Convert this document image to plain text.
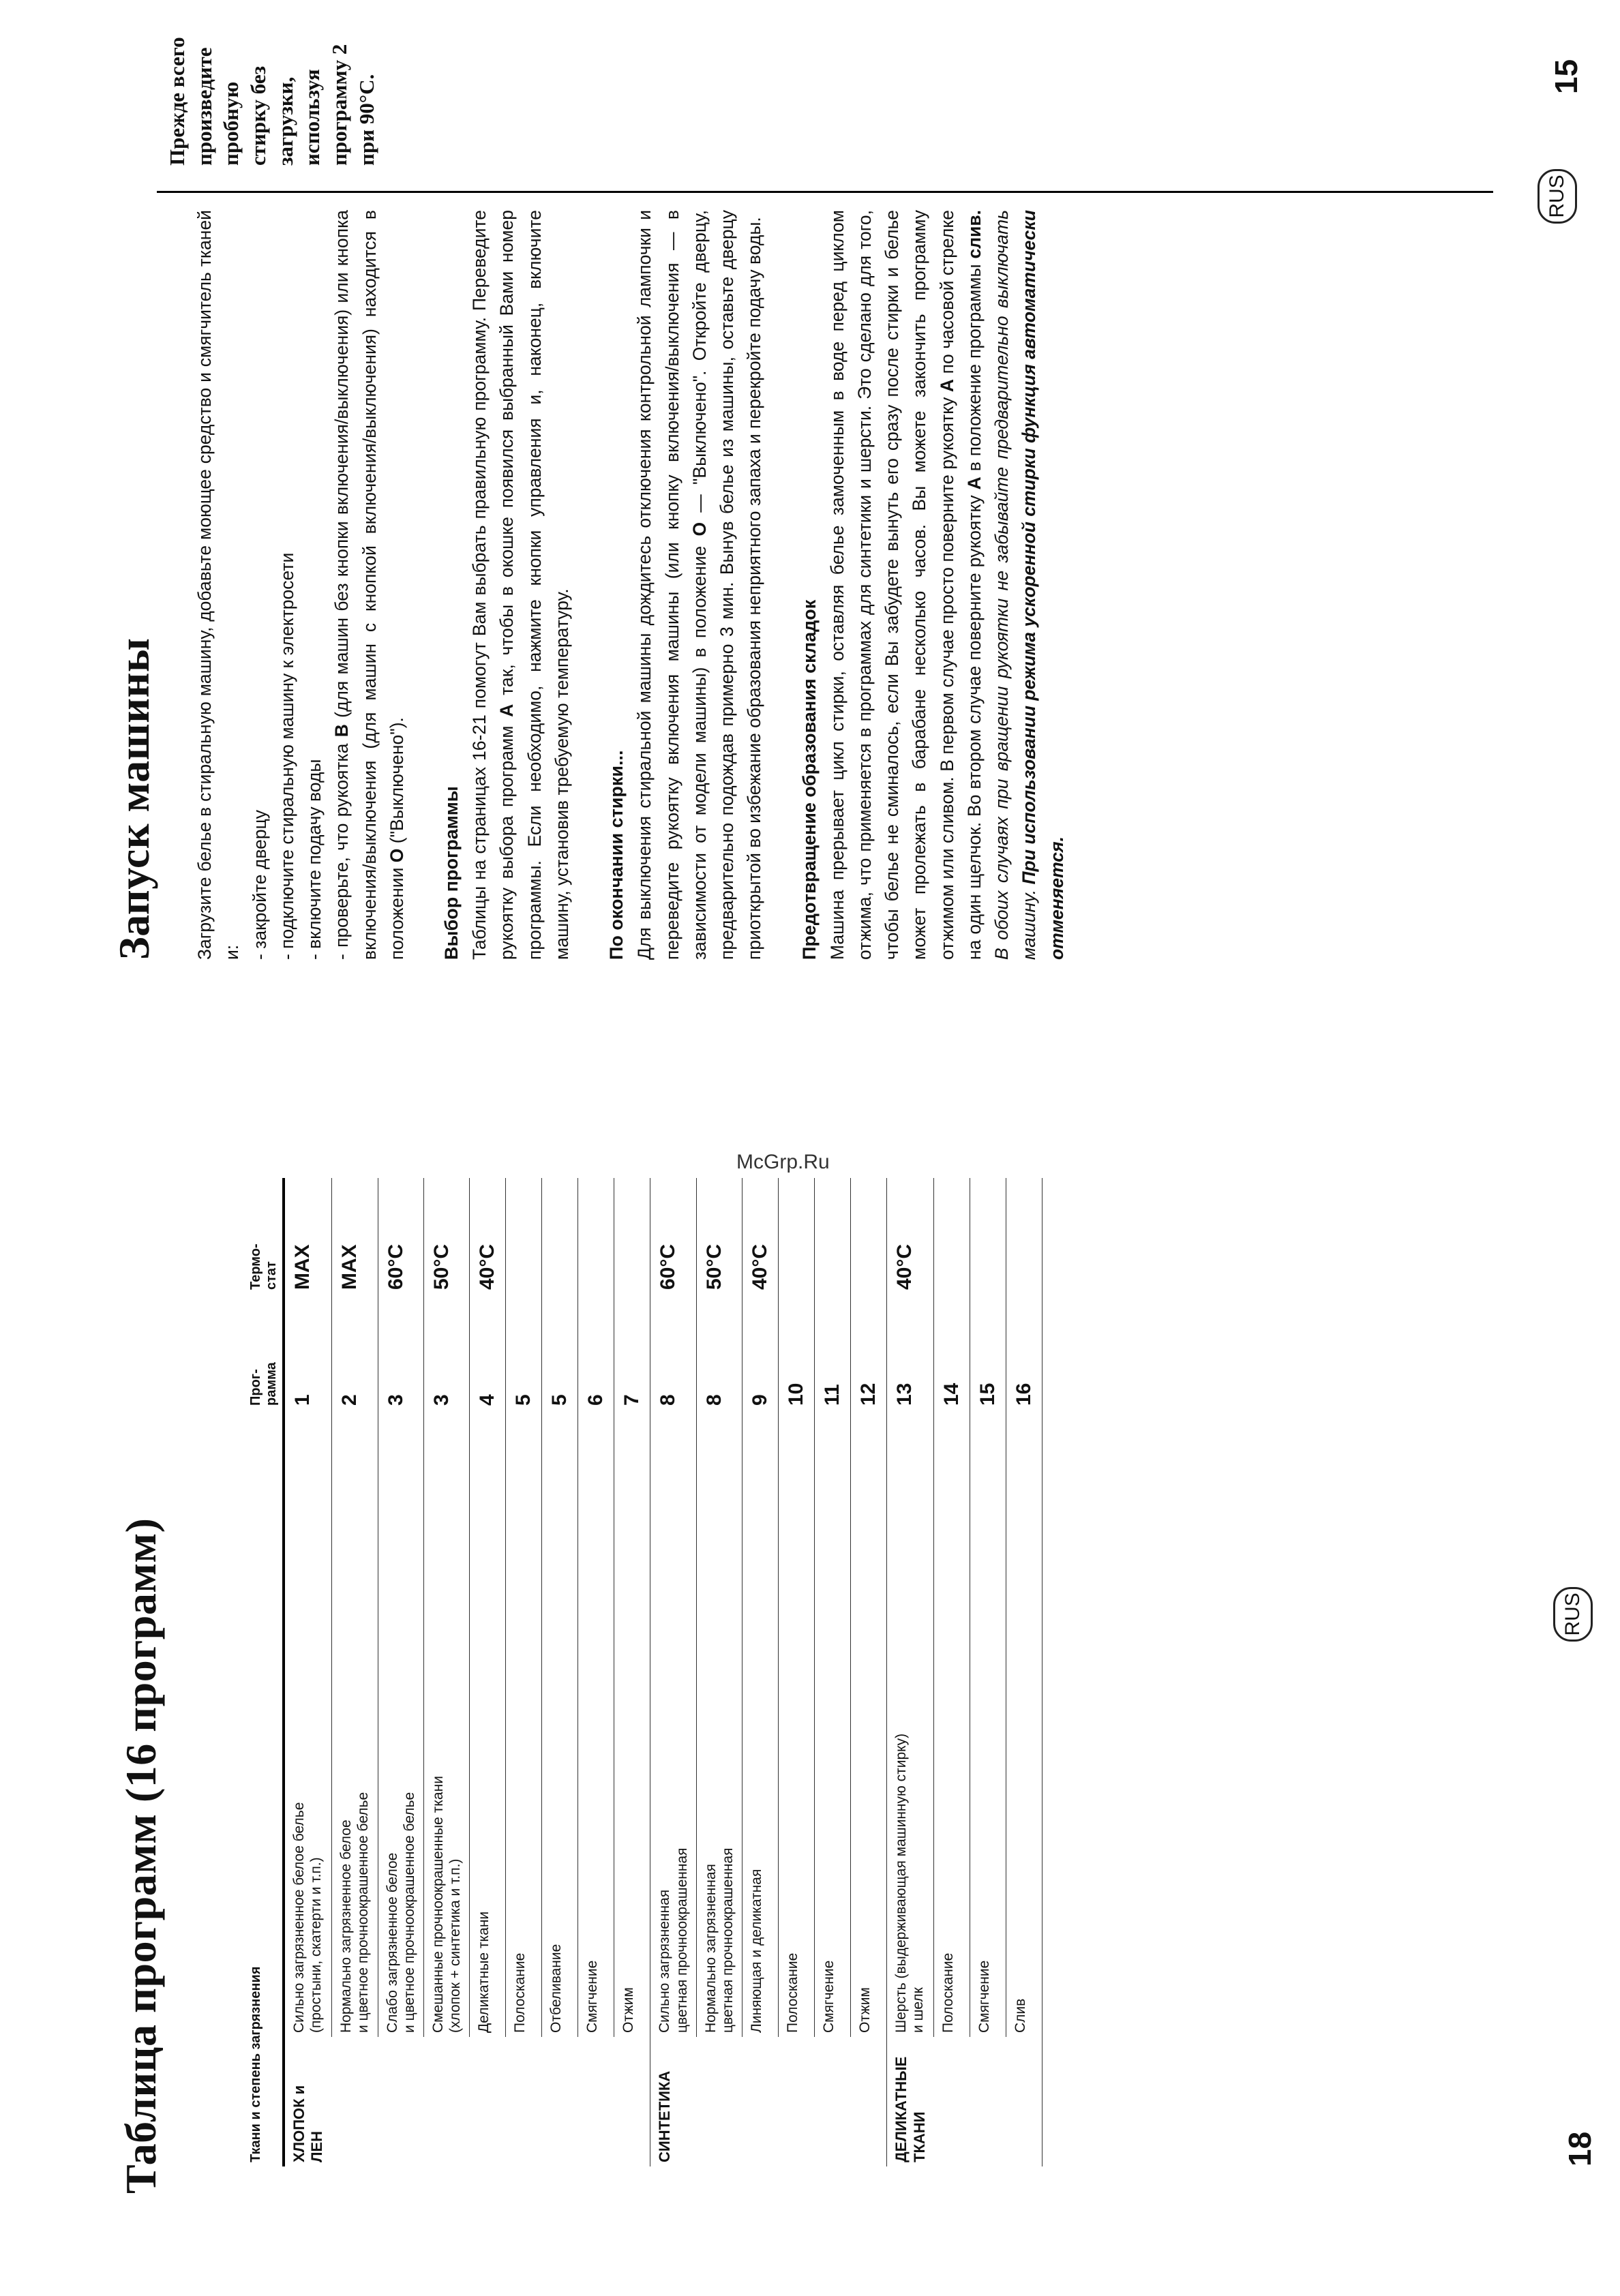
Таблица программ (16 программ)	Ткани и степень загрязнения		Прог-
рамма	Термо-
стат
ХЛОПОК и
ЛЕН	Сильно загрязненное белое белье
(простыни, скатерти и т.п.)	1	MAX
	Нормально загрязненное белое
и цветное прочноокрашенное белье	2	MAX
	Слабо загрязненное белое
и цветное прочноокрашенное белье	3	60°C
	Смешанные прочноокрашенные ткани
(хлопок + синтетика и т.п.)	3	50°C
	Деликатные ткани	4	40°C
	Полоскание	5	
	Отбеливание	5	
	Смягчение	6	
	Отжим	7	
СИНТЕТИКА	Сильно загрязненная
цветная прочноокрашенная	8	60°C
	Нормально загрязненная
цветная прочноокрашенная	8	50°C
	Линяющая и деликатная	9	40°C
	Полоскание	10	
	Смягчение	11	
	Отжим	12	
ДЕЛИКАТНЫЕ
ТКАНИ	Шерсть (выдерживающая машинную стирку)
и шелк	13	40°C
	Полоскание	14	
	Смягчение	15	
	Слив	16	
18
RUS
Запуск машины Загрузите белье в стиральную машину, добавьте моющее средство и смягчитель тканей и: - закройте дверцу - подключите стиральную машину к электросети - включите подачу воды - проверьте, что рукоятка B (для машин без кнопки включения/выключения) или кнопка включения/выключения (для машин с кнопкой включения/выключения) находится в положении O ("Выключено").

Выбор программы Таблицы на страницах 16-21 помогут Вам выбрать правильную программу. Переведите рукоятку выбора программ A так, чтобы в окошке появился выбранный Вами номер программы. Если необходимо, нажмите кнопки управления и, наконец, включите машину, установив требуемую температуру. По окончании стирки... Для выключения стиральной машины дождитесь отключения контрольной лампочки и переведите рукоятку включения машины (или кнопку включения/выключения — в зависимости от модели машины) в положение O — "Выключено". Откройте дверцу, предварительно подождав примерно 3 мин. Вынув белье из машины, оставьте дверцу приоткрытой во избежание образования неприятного запаха и перекройте подачу воды. Предотвращение образования складок Машина прерывает цикл стирки, оставляя белье замоченным в воде перед циклом отжима, что применяется в программах для синтетики и шерсти. Это сделано для того, чтобы белье не сминалось, если Вы забудете вынуть его сразу после стирки и белье может пролежать в барабане несколько часов. Вы можете закончить программу отжимом или сливом. В первом случае просто поверните рукоятку A по часовой стрелке на один щелчок. Во втором случае поверните рукоятку A в положение программы слив. В обоих случаях при вращении рукоятки не забывайте предварительно выключать машину. При использовании режима ускоренной стирки функция автоматически отменяется.

Прежде всего произведите пробную стирку без загрузки, используя программу 2 при 90°C.	15
RUS
McGrp.Ru
